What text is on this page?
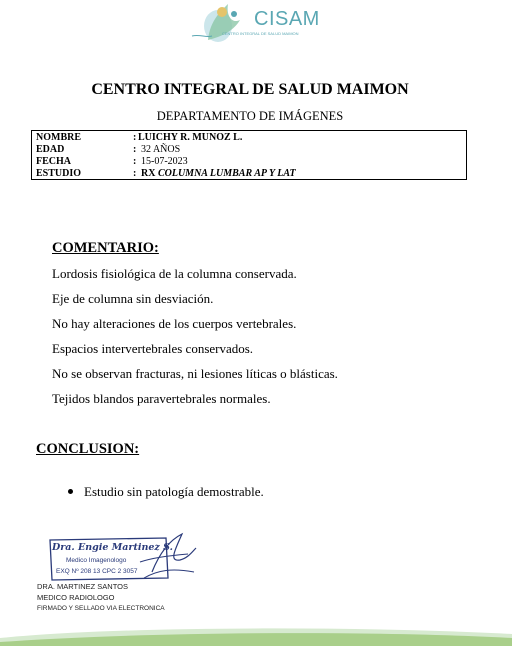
CISAM
CENTRO INTEGRAL DE SALUD MAIMON
CENTRO INTEGRAL DE SALUD MAIMON
DEPARTAMENTO DE IMÁGENES
NOMBRE	: LUICHY R. MUNOZ L.
EDAD	: 32 AÑOS
FECHA	: 15-07-2023
ESTUDIO	: RX COLUMNA LUMBAR AP Y LAT
COMENTARIO:
Lordosis fisiológica de la columna conservada.
Eje de columna sin desviación.
No hay alteraciones de los cuerpos vertebrales.
Espacios intervertebrales conservados.
No se observan fracturas, ni lesiones líticas o blásticas.
Tejidos blandos paravertebrales normales.
CONCLUSION:
Estudio sin patología demostrable.
Dra. Engie Martinez S.
Medico Imagenologo
EXQ Nº 208 13 CPC 2 3057
DRA. MARTINEZ SANTOS
MEDICO RADIOLOGO
FIRMADO Y SELLADO VIA ELECTRONICA
